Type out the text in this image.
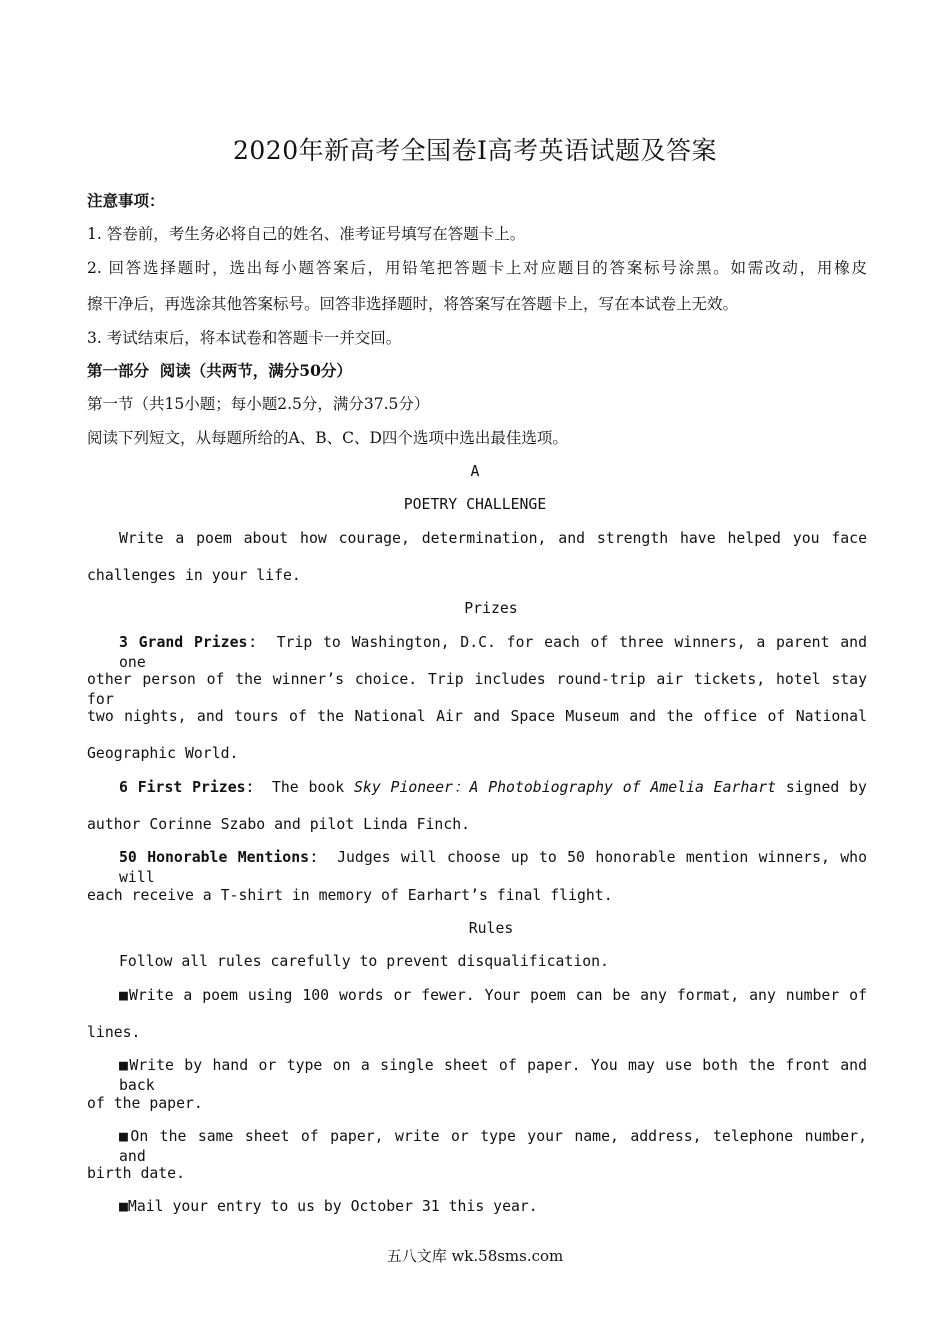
2020年新高考全国卷Ⅰ高考英语试题及答案
注意事项：
1. 答卷前，考生务必将自己的姓名、准考证号填写在答题卡上。
2. 回答选择题时，选出每小题答案后，用铅笔把答题卡上对应题目的答案标号涂黑。如需改动，用橡皮
擦干净后，再选涂其他答案标号。回答非选择题时，将答案写在答题卡上，写在本试卷上无效。
3. 考试结束后，将本试卷和答题卡一并交回。
第一部分  阅读（共两节，满分50分）
第一节（共15小题；每小题2.5分，满分37.5分）
阅读下列短文，从每题所给的A、B、C、D四个选项中选出最佳选项。
A
POETRY CHALLENGE
Write a poem about how courage, determination, and strength have helped you face
challenges in your life.
Prizes
3 Grand Prizes： Trip to Washington, D.C. for each of three winners, a parent and one
other person of the winner’s choice. Trip includes round-trip air tickets, hotel stay for
two nights, and tours of the National Air and Space Museum and the office of National
Geographic World.
6 First Prizes： The book Sky Pioneer：A Photobiography of Amelia Earhart signed by
author Corinne Szabo and pilot Linda Finch.
50 Honorable Mentions： Judges will choose up to 50 honorable mention winners, who will
each receive a T-shirt in memory of Earhart’s final flight.
Rules
Follow all rules carefully to prevent disqualification.
■Write a poem using 100 words or fewer. Your poem can be any format, any number of
lines.
■Write by hand or type on a single sheet of paper. You may use both the front and back
of the paper.
■On the same sheet of paper, write or type your name, address, telephone number, and
birth date.
■Mail your entry to us by October 31 this year.
五八文库 wk.58sms.com
